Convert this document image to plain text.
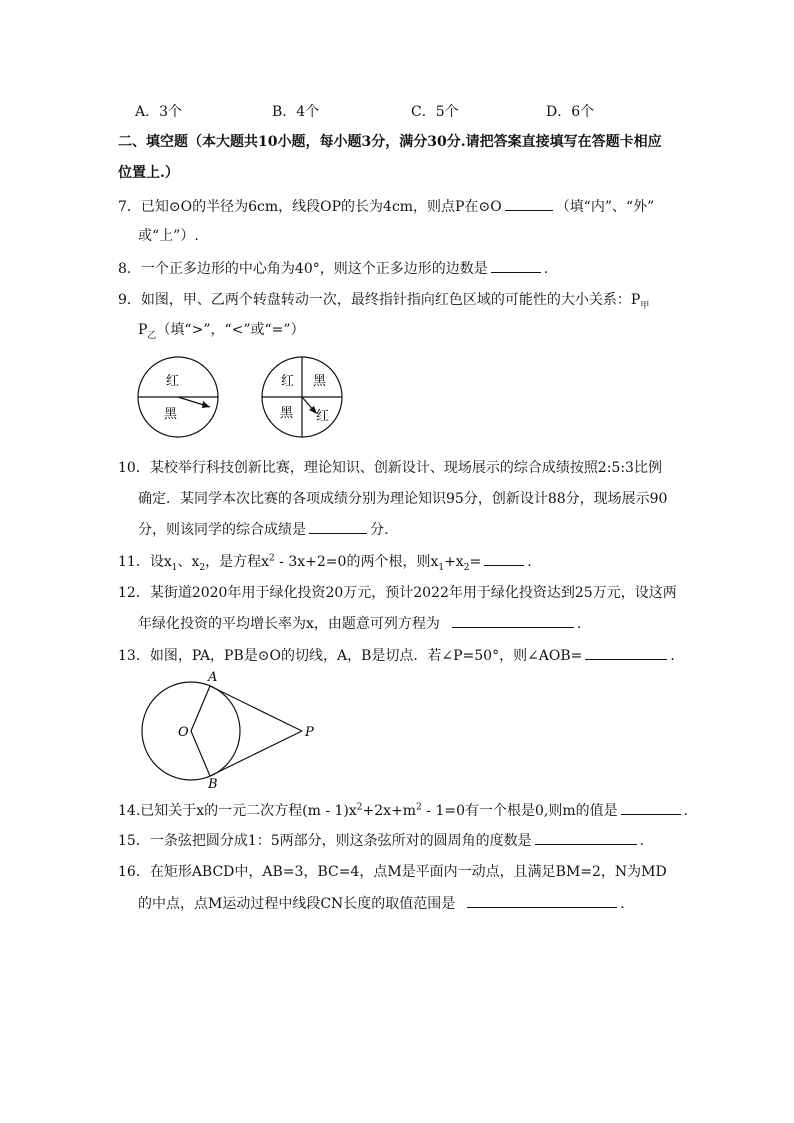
A．3个	B．4个	C．5个	D．6个
二、填空题（本大题共10小题，每小题3分，满分30分.请把答案直接填写在答题卡相应
位置上.）
7．已知⊙O的半径为6cm，线段OP的长为4cm，则点P在⊙O	（填“内”、“外”
或“上”）.
8．一个正多边形的中心角为40°，则这个正多边形的边数是	.
9．如图，甲、乙两个转盘转动一次，最终指针指向红色区域的可能性的大小关系：$P_甲$
$P_乙$（填“>”，“<”或“=”）
红
黑
红 黑
黑 红
10．某校举行科技创新比赛，理论知识、创新设计、现场展示的综合成绩按照2:5:3比例
确定．某同学本次比赛的各项成绩分别为理论知识95分，创新设计88分，现场展示90
分，则该同学的综合成绩是	分.
11．设$x_1$、$x_2$，是方程$x^2 - 3x+2=0$的两个根，则$x_1+x_2=$	.
12．某街道2020年用于绿化投资20万元，预计2022年用于绿化投资达到25万元，设这两
年绿化投资的平均增长率为x，由题意可列方程为	.
13．如图，PA，PB是⊙O的切线，A，B是切点．若∠P=50°，则∠AOB=	.
A
B
O	P
14.已知关于x的一元二次方程$(m - 1)x^2+2x+m^2 - 1=0$有一个根是0,则m的值是	.
15．一条弦把圆分成1：5两部分，则这条弦所对的圆周角的度数是	.
16．在矩形ABCD中，AB=3，BC=4，点M是平面内一动点，且满足BM=2，N为MD
的中点，点M运动过程中线段CN长度的取值范围是	.
